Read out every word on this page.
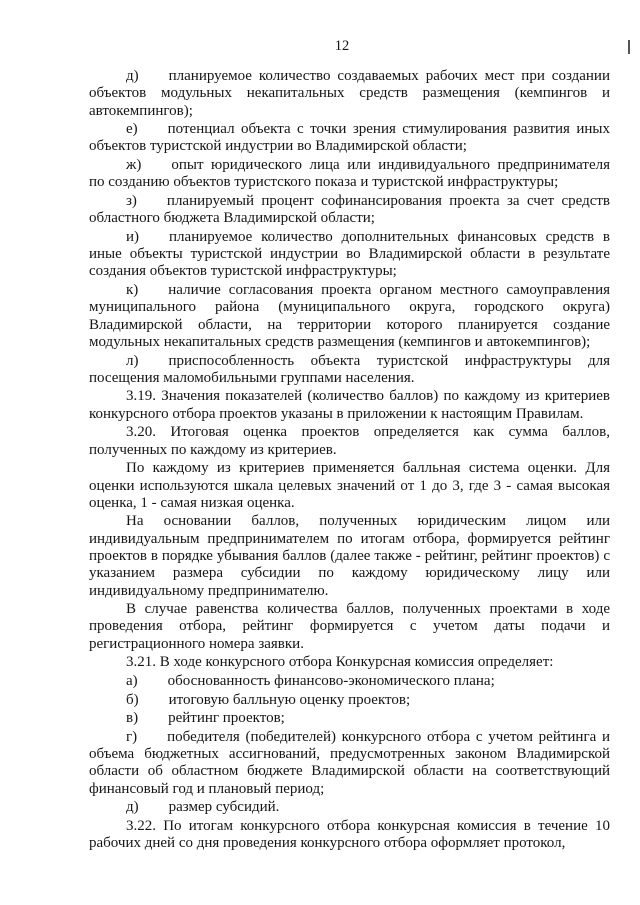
12

д)  планируемое количество создаваемых рабочих мест при создании объектов модульных некапитальных средств размещения (кемпингов и автокемпингов);

е)  потенциал объекта с точки зрения стимулирования развития иных объектов туристской индустрии во Владимирской области;

ж)  опыт юридического лица или индивидуального предпринимателя по созданию объектов туристского показа и туристской инфраструктуры;

з)  планируемый процент софинансирования проекта за счет средств областного бюджета Владимирской области;

и)  планируемое количество дополнительных финансовых средств в иные объекты туристской индустрии во Владимирской области в результате создания объектов туристской инфраструктуры;

к)  наличие согласования проекта органом местного самоуправления муниципального района (муниципального округа, городского округа) Владимирской области, на территории которого планируется создание модульных некапитальных средств размещения (кемпингов и автокемпингов);

л)  приспособленность объекта туристской инфраструктуры для посещения маломобильными группами населения.

3.19. Значения показателей (количество баллов) по каждому из критериев конкурсного отбора проектов указаны в приложении к настоящим Правилам.

3.20. Итоговая оценка проектов определяется как сумма баллов, полученных по каждому из критериев.

По каждому из критериев применяется балльная система оценки. Для оценки используются шкала целевых значений от 1 до 3, где 3 - самая высокая оценка, 1 - самая низкая оценка.

На основании баллов, полученных юридическим лицом или индивидуальным предпринимателем по итогам отбора, формируется рейтинг проектов в порядке убывания баллов (далее также - рейтинг, рейтинг проектов) с указанием размера субсидии по каждому юридическому лицу или индивидуальному предпринимателю.

В случае равенства количества баллов, полученных проектами в ходе проведения отбора, рейтинг формируется с учетом даты подачи и регистрационного номера заявки.

3.21. В ходе конкурсного отбора Конкурсная комиссия определяет:

а)  обоснованность финансово-экономического плана;

б)  итоговую балльную оценку проектов;

в)  рейтинг проектов;

г)  победителя (победителей) конкурсного отбора с учетом рейтинга и объема бюджетных ассигнований, предусмотренных законом Владимирской области об областном бюджете Владимирской области на соответствующий финансовый год и плановый период;

д)  размер субсидий.

3.22. По итогам конкурсного отбора конкурсная комиссия в течение 10 рабочих дней со дня проведения конкурсного отбора оформляет протокол,
